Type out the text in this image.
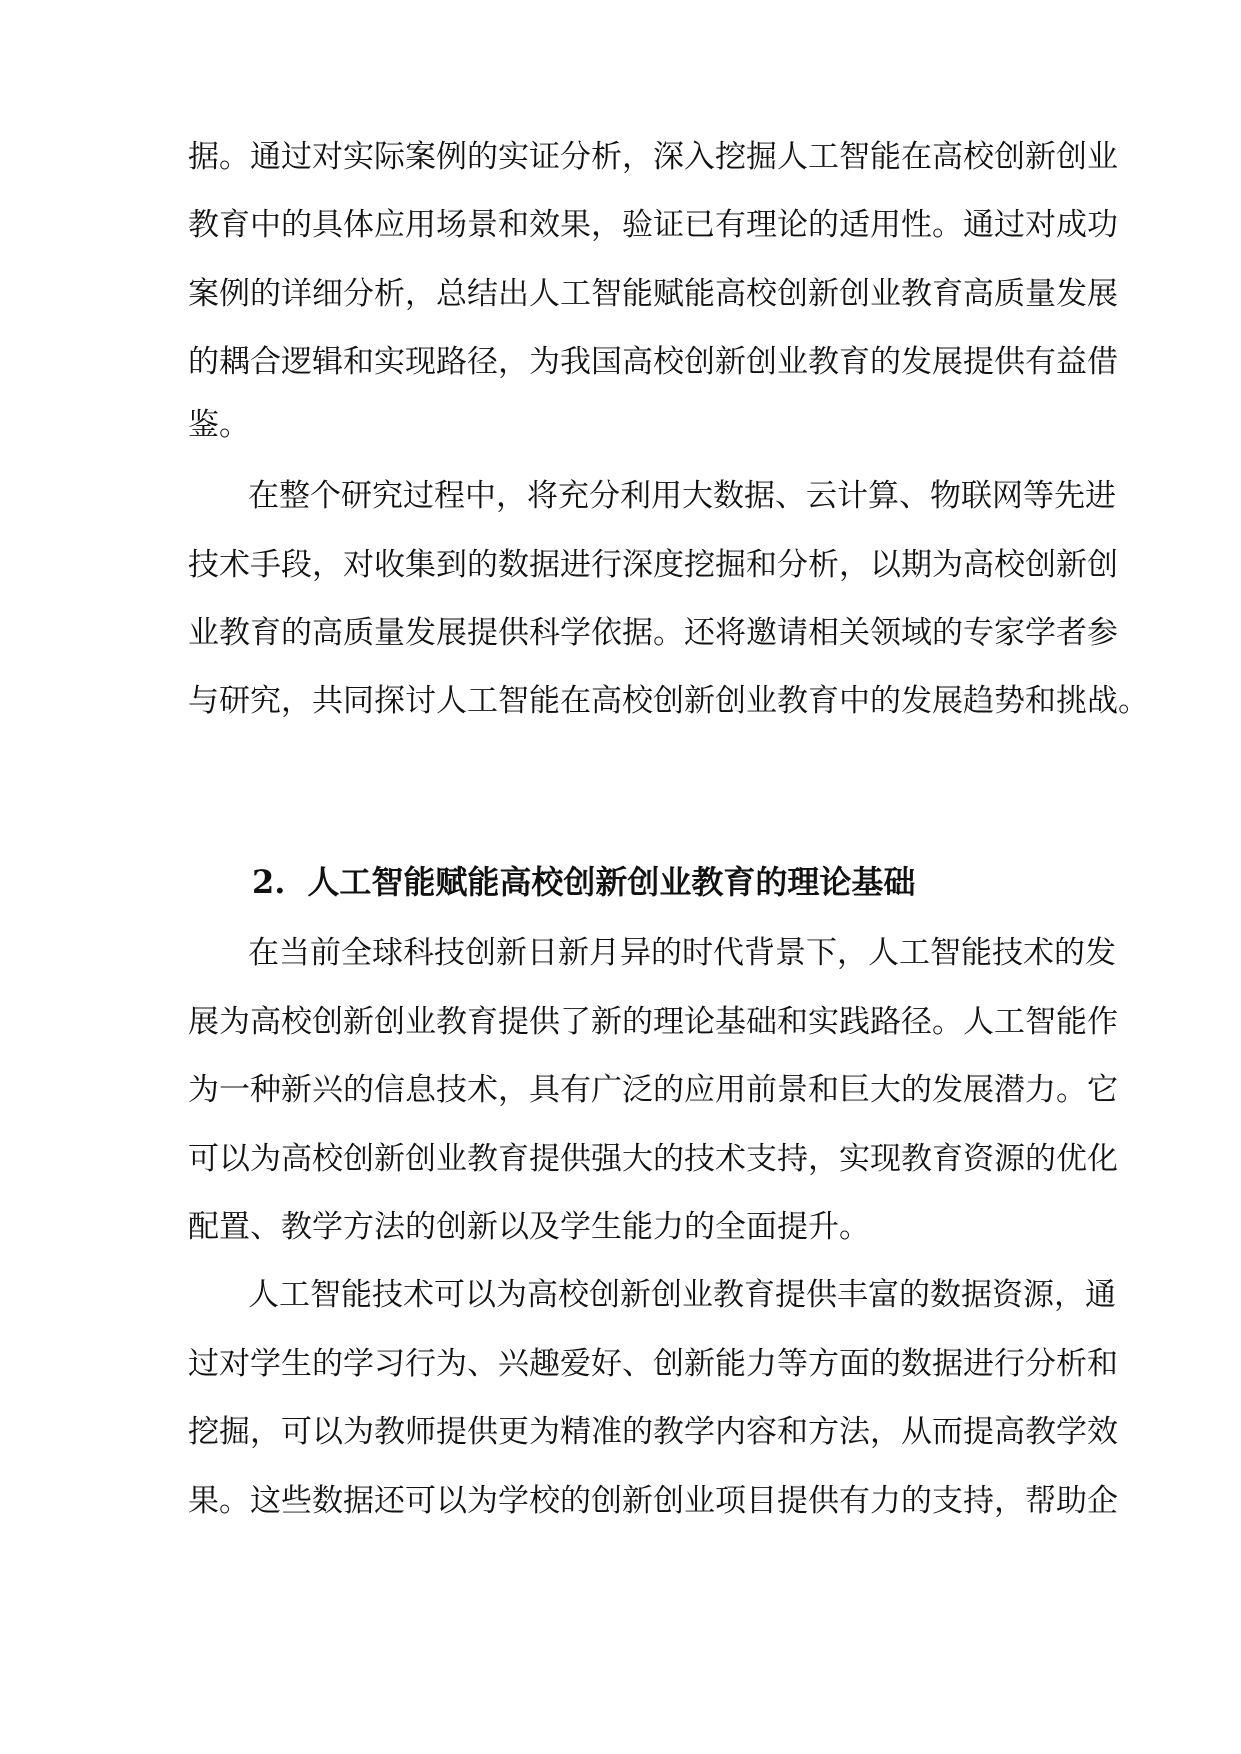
据。通过对实际案例的实证分析，深入挖掘人工智能在高校创新创业
教育中的具体应用场景和效果，验证已有理论的适用性。通过对成功
案例的详细分析，总结出人工智能赋能高校创新创业教育高质量发展
的耦合逻辑和实现路径，为我国高校创新创业教育的发展提供有益借
鉴。
在整个研究过程中，将充分利用大数据、云计算、物联网等先进
技术手段，对收集到的数据进行深度挖掘和分析，以期为高校创新创
业教育的高质量发展提供科学依据。还将邀请相关领域的专家学者参
与研究，共同探讨人工智能在高校创新创业教育中的发展趋势和挑战。
2. 人工智能赋能高校创新创业教育的理论基础
在当前全球科技创新日新月异的时代背景下，人工智能技术的发
展为高校创新创业教育提供了新的理论基础和实践路径。人工智能作
为一种新兴的信息技术，具有广泛的应用前景和巨大的发展潜力。它
可以为高校创新创业教育提供强大的技术支持，实现教育资源的优化
配置、教学方法的创新以及学生能力的全面提升。
人工智能技术可以为高校创新创业教育提供丰富的数据资源，通
过对学生的学习行为、兴趣爱好、创新能力等方面的数据进行分析和
挖掘，可以为教师提供更为精准的教学内容和方法，从而提高教学效
果。这些数据还可以为学校的创新创业项目提供有力的支持，帮助企
